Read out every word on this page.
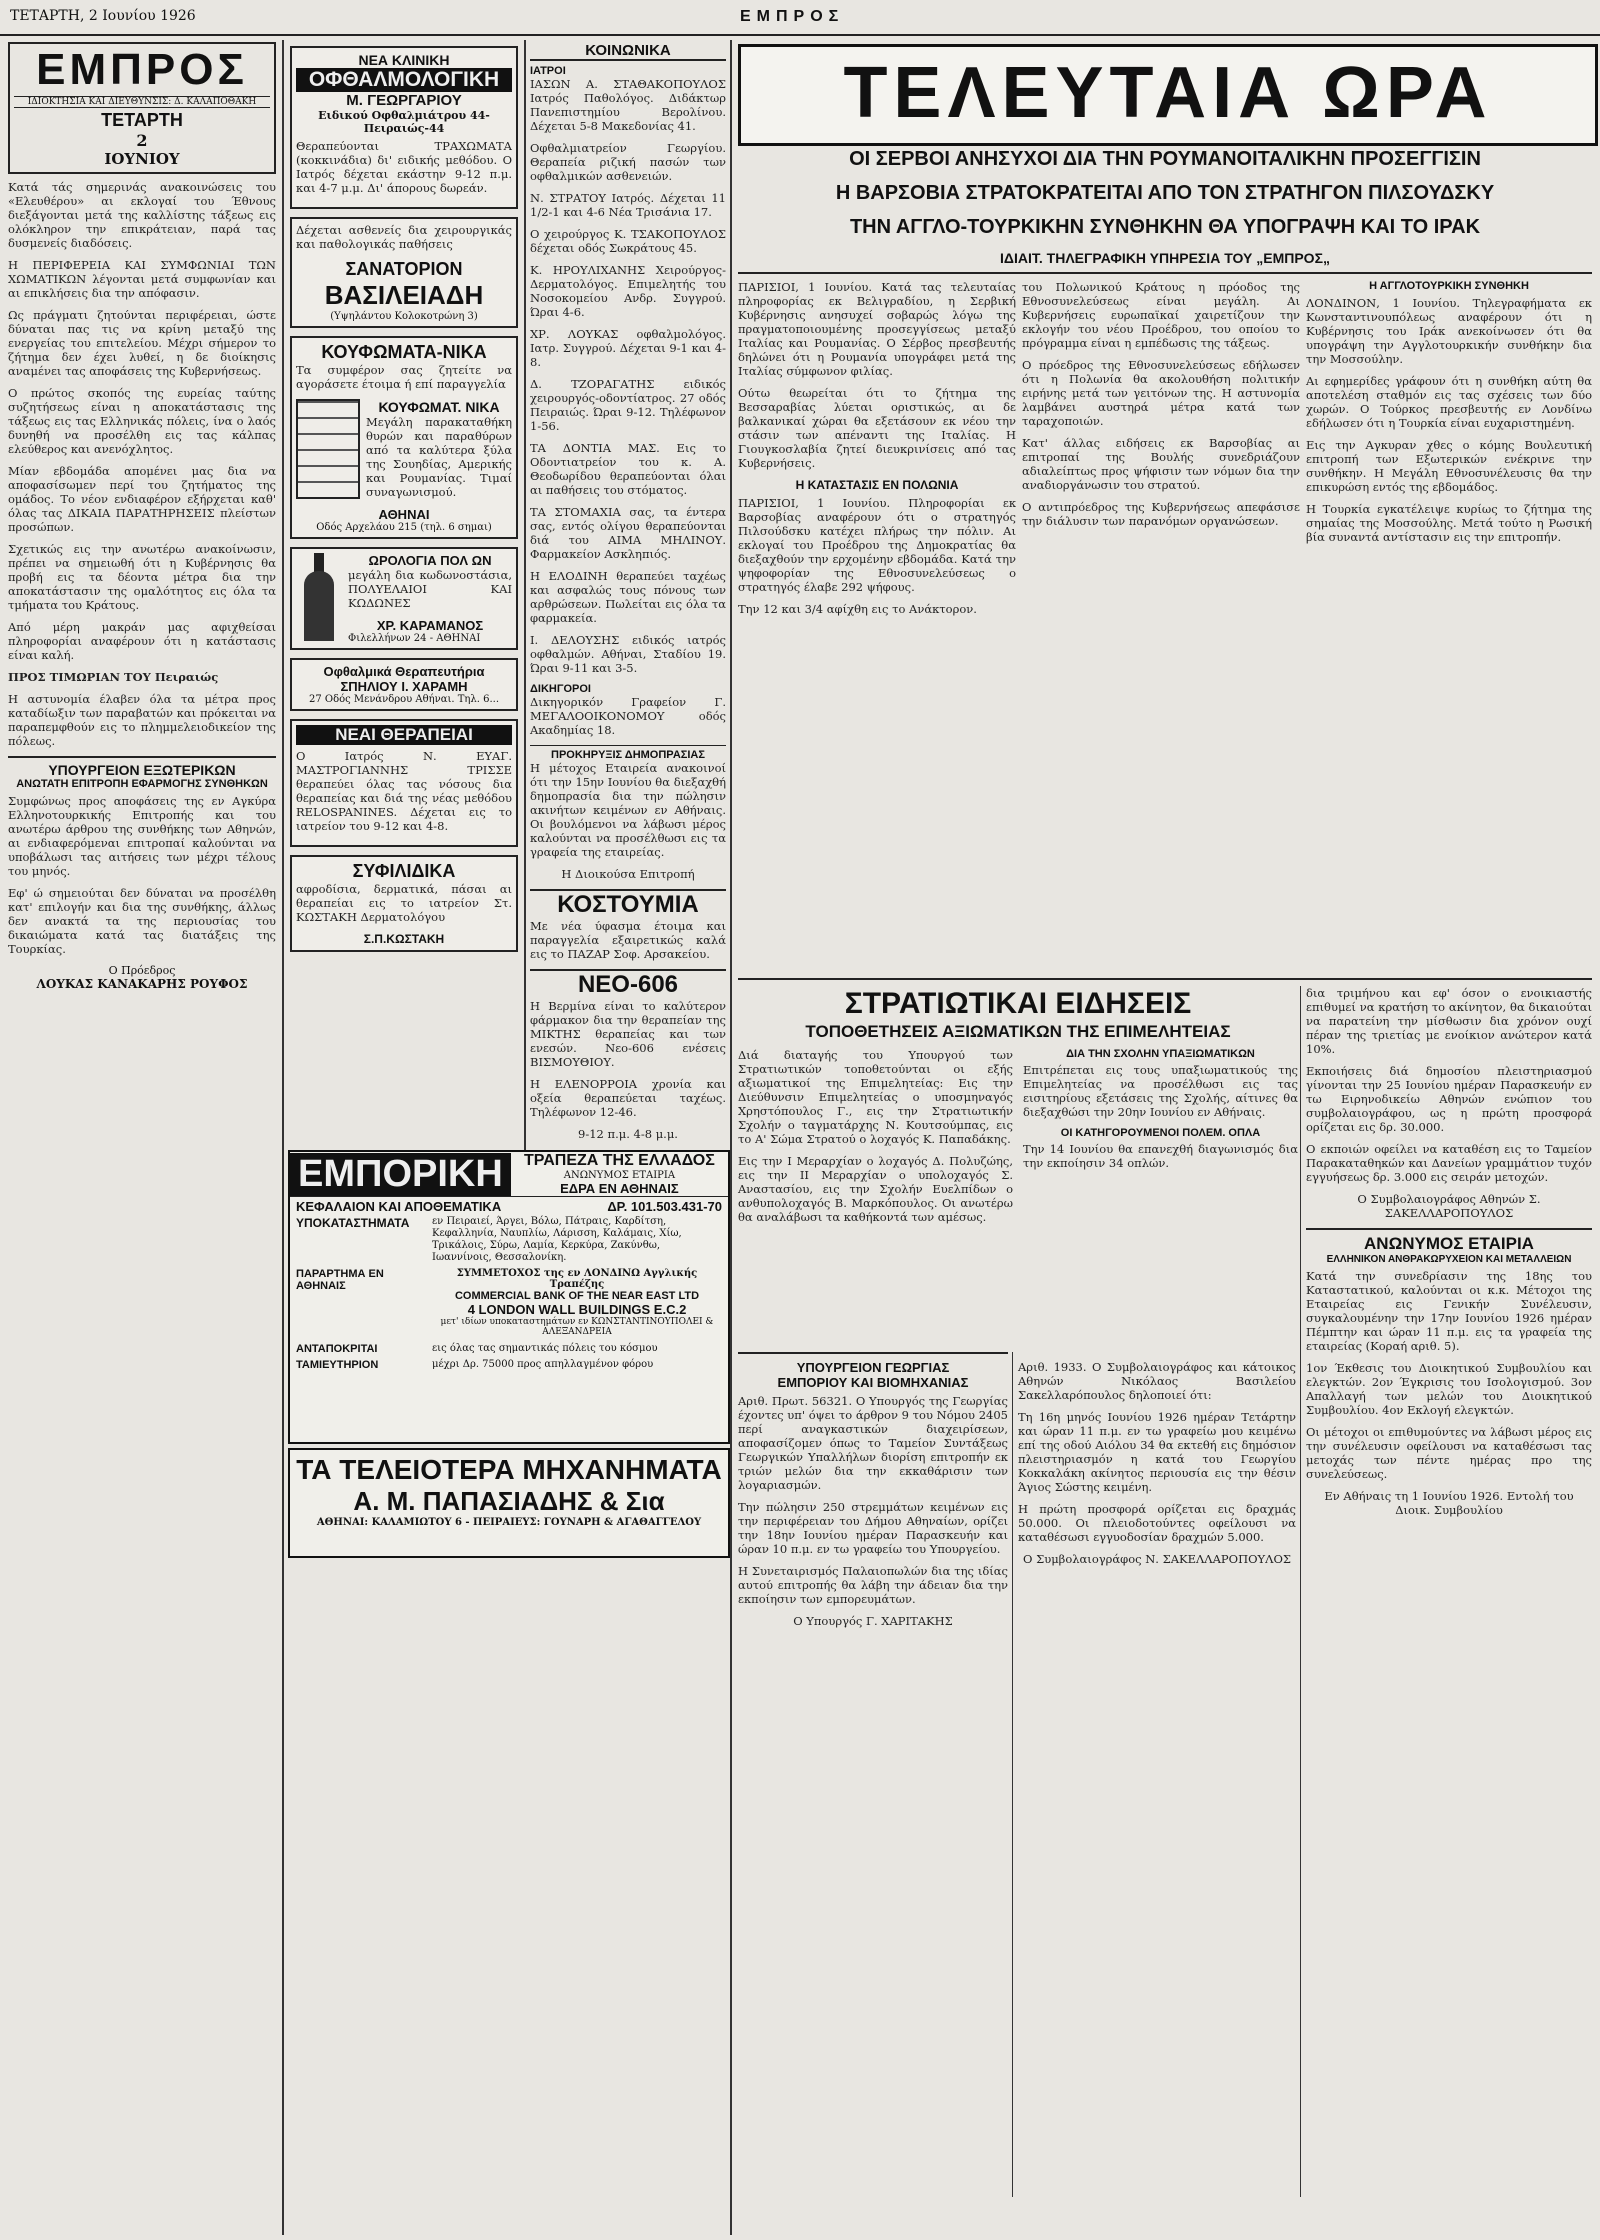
ΤΕΤΑΡΤΗ, 2 Ιουνίου 1926	ΕΜΠΡΟΣ
ΕΜΠΡΟΣ
ΙΔΙΟΚΤΗΣΙΑ ΚΑΙ ΔΙΕΥΘΥΝΣΙΣ: Δ. ΚΑΛΑΠΟΘΑΚΗ
ΤΕΤΑΡΤΗ
2
ΙΟΥΝΙΟΥ

Κατά τάς σημερινάς ανακοινώσεις του «Ελευθέρου» αι εκλογαί του Έθνους διεξάγονται μετά της καλλίστης τάξεως εις ολόκληρον την επικράτειαν, παρά τας δυσμενείς διαδόσεις.

Η ΠΕΡΙΦΕΡΕΙΑ ΚΑΙ ΣΥΜΦΩΝΙΑΙ ΤΩΝ ΧΩΜΑΤΙΚΩΝ λέγονται μετά συμφωνίαν και αι επικλήσεις δια την απόφασιν.

Ως πράγματι ζητούνται περιφέρειαι, ώστε δύναται πας τις να κρίνη μεταξύ της ενεργείας του επιτελείου. Μέχρι σήμερον το ζήτημα δεν έχει λυθεί, η δε διοίκησις αναμένει τας αποφάσεις της Κυβερνήσεως.

Ο πρώτος σκοπός της ευρείας ταύτης συζητήσεως είναι η αποκατάστασις της τάξεως εις τας Ελληνικάς πόλεις, ίνα ο λαός δυνηθή να προσέλθη εις τας κάλπας ελεύθερος και ανενόχλητος.

Μίαν εβδομάδα απομένει μας δια να αποφασίσωμεν περί του ζητήματος της ομάδος. Το νέον ενδιαφέρον εξήρχεται καθ' όλας τας ΔΙΚΑΙΑ ΠΑΡΑΤΗΡΗΣΕΙΣ πλείστων προσώπων.

Σχετικώς εις την ανωτέρω ανακοίνωσιν, πρέπει να σημειωθή ότι η Κυβέρνησις θα προβή εις τα δέοντα μέτρα δια την αποκατάστασιν της ομαλότητος εις όλα τα τμήματα του Κράτους.

Από μέρη μακράν μας αφιχθείσαι πληροφορίαι αναφέρουν ότι η κατάστασις είναι καλή.

ΠΡΟΣ ΤΙΜΩΡΙΑΝ ΤΟΥ Πειραιώς

Η αστυνομία έλαβεν όλα τα μέτρα προς καταδίωξιν των παραβατών και πρόκειται να παραπεμφθούν εις το πλημμελειοδικείον της πόλεως.

ΥΠΟΥΡΓΕΙΟΝ ΕΞΩΤΕΡΙΚΩΝ
ΑΝΩΤΑΤΗ ΕΠΙΤΡΟΠΗ ΕΦΑΡΜΟΓΗΣ ΣΥΝΘΗΚΩΝ

Συμφώνως προς αποφάσεις της εν Αγκύρα Ελληνοτουρκικής Επιτροπής και του ανωτέρω άρθρου της συνθήκης των Αθηνών, αι ενδιαφερόμεναι επιτροπαί καλούνται να υποβάλωσι τας αιτήσεις των μέχρι τέλους του μηνός.

Εφ' ώ σημειούται δεν δύναται να προσέλθη κατ' επιλογήν και δια της συνθήκης, άλλως δεν ανακτά τα της περιουσίας του δικαιώματα κατά τας διατάξεις της Τουρκίας.

Ο Πρόεδρος
ΛΟΥΚΑΣ ΚΑΝΑΚΑΡΗΣ ΡΟΥΦΟΣ
ΝΕΑ ΚΛΙΝΙΚΗ
ΟΦΘΑΛΜΟΛΟΓΙΚΗ
Μ. ΓΕΩΡΓΑΡΙΟΥ
Ειδικού Οφθαλμιάτρου 44-Πειραιώς-44

Θεραπεύονται ΤΡΑΧΩΜΑΤΑ (κοκκινάδια) δι' ειδικής μεθόδου. Ο Ιατρός δέχεται εκάστην 9-12 π.μ. και 4-7 μ.μ. Δι' άπορους δωρεάν.

Δέχεται ασθενείς δια χειρουργικάς και παθολογικάς παθήσεις

ΣΑΝΑΤΟΡΙΟΝ
ΒΑΣΙΛΕΙΑΔΗ
(Υψηλάντου Κολοκοτρώνη 3)
ΚΟΥΦΩΜΑΤΑ-ΝΙΚΑ

Τα συμφέρον σας ζητείτε να αγοράσετε έτοιμα ή επί παραγγελία

ΚΟΥΦΩΜΑΤ. ΝΙΚΑ

Μεγάλη παρακαταθήκη θυρών και παραθύρων από τα καλύτερα ξύλα της Σουηδίας, Αμερικής και Ρουμανίας. Τιμαί συναγωνισμού.

ΑΘΗΝΑΙ
Οδός Αρχελάου 215 (τηλ. 6 σημαι)
ΩΡΟΛΟΓΙΑ ΠΟΛ ΩΝ

μεγάλη δια κωδωνοστάσια, ΠΟΛΥΕΛΑΙΟΙ ΚΑΙ ΚΩΔΩΝΕΣ

ΧΡ. ΚΑΡΑΜΑΝΟΣ
Φιλελλήνων 24 - ΑΘΗΝΑΙ
Οφθαλμικά Θεραπευτήρια ΣΠΗΛΙΟΥ Ι. ΧΑΡΑΜΗ
27 Οδός Μενάνδρου Αθήναι. Τηλ. 6...
ΝΕΑΙ ΘΕΡΑΠΕΙΑΙ

Ο Ιατρός Ν. ΕΥΑΓ. ΜΑΣΤΡΟΓΙΑΝΝΗΣ ΤΡΙΣΣΕ θεραπεύει όλας τας νόσους δια θεραπείας και διά της νέας μεθόδου RELOSPANINES. Δέχεται εις το ιατρείον του 9-12 και 4-8.

ΣΥΦΙΛΙΔΙΚΑ

αφροδίσια, δερματικά, πάσαι αι θεραπείαι εις το ιατρείον Στ. ΚΩΣΤΑΚΗ Δερματολόγου

Σ.Π.ΚΩΣΤΑΚΗ
ΚΟΙΝΩΝΙΚΑ
ΙΑΤΡΟΙ

ΙΑΣΩΝ Α. ΣΤΑΘΑΚΟΠΟΥΛΟΣ Ιατρός Παθολόγος. Διδάκτωρ Πανεπιστημίου Βερολίνου. Δέχεται 5-8 Μακεδονίας 41.

Οφθαλμιατρείον Γεωργίου. Θεραπεία ριζική πασών των οφθαλμικών ασθενειών.

Ν. ΣΤΡΑΤΟΥ Ιατρός. Δέχεται 11 1/2-1 και 4-6 Νέα Τρισάνια 17.

Ο χειρούργος Κ. ΤΣΑΚΟΠΟΥΛΟΣ δέχεται οδός Σωκράτους 45.

Κ. ΗΡΟΥΛΙΧΑΝΗΣ Χειρούργος-Δερματολόγος. Επιμελητής του Νοσοκομείου Ανδρ. Συγγρού. Ώραι 4-6.

ΧΡ. ΛΟΥΚΑΣ οφθαλμολόγος. Ιατρ. Συγγρού. Δέχεται 9-1 και 4-8.

Δ. ΤΖΟΡΑΓΑΤΗΣ ειδικός χειρουργός-οδοντίατρος. 27 οδός Πειραιώς. Ώραι 9-12. Τηλέφωνον 1-56.

ΤΑ ΔΟΝΤΙΑ ΜΑΣ. Εις το Οδοντιατρείον του κ. Α. Θεοδωρίδου θεραπεύονται όλαι αι παθήσεις του στόματος.

ΤΑ ΣΤΟΜΑΧΙΑ σας, τα έντερα σας, εντός ολίγου θεραπεύονται διά του ΑΙΜΑ ΜΗΛΙΝΟΥ. Φαρμακείον Ασκληπιός.

Η ΕΛΟΔΙΝΗ θεραπεύει ταχέως και ασφαλώς τους πόνους των αρθρώσεων. Πωλείται εις όλα τα φαρμακεία.

Ι. ΔΕΛΟΥΣΗΣ ειδικός ιατρός οφθαλμών. Αθήναι, Σταδίου 19. Ώραι 9-11 και 3-5.

ΔΙΚΗΓΟΡΟΙ

Δικηγορικόν Γραφείον Γ. ΜΕΓΑΛΟΟΙΚΟΝΟΜΟΥ οδός Ακαδημίας 18.

ΠΡΟΚΗΡΥΞΙΣ ΔΗΜΟΠΡΑΣΙΑΣ

Η μέτοχος Εταιρεία ανακοινοί ότι την 15ην Ιουνίου θα διεξαχθή δημοπρασία δια την πώλησιν ακινήτων κειμένων εν Αθήναις. Οι βουλόμενοι να λάβωσι μέρος καλούνται να προσέλθωσι εις τα γραφεία της εταιρείας.

Η Διοικούσα Επιτροπή

ΚΟΣΤΟΥΜΙΑ

Με νέα ύφασμα έτοιμα και παραγγελία εξαιρετικώς καλά εις το ΠΑΖΑΡ Σοφ. Αρσακείου.

ΝΕΟ-606

Η Βερμίνα είναι το καλύτερον φάρμακον δια την θεραπείαν της ΜΙΚΤΗΣ θεραπείας και των ενεσών. Νεο-606 ενέσεις ΒΙΣΜΟΥΘΙΟΥ.

Η ΕΛΕΝΟΡΡΟΙΑ χρονία και οξεία θεραπεύεται ταχέως. Τηλέφωνον 12-46.

9-12 π.μ. 4-8 μ.μ.

ΕΜΠΟΡΙΚΗ	ΤΡΑΠΕΖΑ ΤΗΣ ΕΛΛΑΔΟΣ
ΑΝΩΝΥΜΟΣ ΕΤΑΙΡΙΑ
ΕΔΡΑ ΕΝ ΑΘΗΝΑΙΣ
ΚΕΦΑΛΑΙΟΝ ΚΑΙ ΑΠΟΘΕΜΑΤΙΚΑ	ΔΡ. 101.503.431-70
ΥΠΟΚΑΤΑΣΤΗΜΑΤΑ	εν Πειραιεί, Άργει, Βόλω, Πάτραις, Καρδίτση, Κεφαλληνία, Ναυπλίω, Λάρισση, Καλάμαις, Χίω, Τρικάλοις, Σύρω, Λαμία, Κερκύρα, Ζακύνθω, Ιωαννίνοις, Θεσσαλονίκη.
ΠΑΡΑΡΤΗΜΑ ΕΝ ΑΘΗΝΑΙΣ
ΣΥΜΜΕΤΟΧΟΣ της εν ΛΟΝΔΙΝΩ Αγγλικής Τραπέζης
COMMERCIAL BANK OF THE NEAR EAST LTD
4 LONDON WALL BUILDINGS E.C.2
μετ' ιδίων υποκαταστημάτων εν ΚΩΝΣΤΑΝΤΙΝΟΥΠΟΛΕΙ & ΑΛΕΞΑΝΔΡΕΙΑ
ΑΝΤΑΠΟΚΡΙΤΑΙ	εις όλας τας σημαντικάς πόλεις του κόσμου
ΤΑΜΙΕΥΤΗΡΙΟΝ	μέχρι Δρ. 75000 προς απηλλαγμένον φόρου
ΤΑ ΤΕΛΕΙΟΤΕΡΑ ΜΗΧΑΝΗΜΑΤΑ
Α. Μ. ΠΑΠΑΣΙΑΔΗΣ & Σια
ΑΘΗΝΑΙ: ΚΑΛΑΜΙΩΤΟΥ 6 - ΠΕΙΡΑΙΕΥΣ: ΓΟΥΝΑΡΗ & ΑΓΑΘΑΓΓΕΛΟΥ
ΤΕΛΕΥΤΑΙΑ ΩΡΑ
ΟΙ ΣΕΡΒΟΙ ΑΝΗΣΥΧΟΙ ΔΙΑ ΤΗΝ ΡΟΥΜΑΝΟΙΤΑΛΙΚΗΝ ΠΡΟΣΕΓΓΙΣΙΝ
Η ΒΑΡΣΟΒΙΑ ΣΤΡΑΤΟΚΡΑΤΕΙΤΑΙ ΑΠΟ ΤΟΝ ΣΤΡΑΤΗΓΟΝ ΠΙΛΣΟΥΔΣΚΥ
ΤΗΝ ΑΓΓΛΟ-ΤΟΥΡΚΙΚΗΝ ΣΥΝΘΗΚΗΝ ΘΑ ΥΠΟΓΡΑΨΗ ΚΑΙ ΤΟ ΙΡΑΚ
ΙΔΙΑΙΤ. ΤΗΛΕΓΡΑΦΙΚΗ ΥΠΗΡΕΣΙΑ ΤΟΥ „ΕΜΠΡΟΣ„

ΠΑΡΙΣΙΟΙ, 1 Ιουνίου. Κατά τας τελευταίας πληροφορίας εκ Βελιγραδίου, η Σερβική Κυβέρνησις ανησυχεί σοβαρώς λόγω της πραγματοποιουμένης προσεγγίσεως μεταξύ Ιταλίας και Ρουμανίας. Ο Σέρβος πρεσβευτής δηλώνει ότι η Ρουμανία υπογράφει μετά της Ιταλίας σύμφωνον φιλίας.

Ούτω θεωρείται ότι το ζήτημα της Βεσσαραβίας λύεται οριστικώς, αι δε βαλκανικαί χώραι θα εξετάσουν εκ νέου την στάσιν των απέναντι της Ιταλίας. Η Γιουγκοσλαβία ζητεί διευκρινίσεις από τας Κυβερνήσεις.

Η ΚΑΤΑΣΤΑΣΙΣ ΕΝ ΠΟΛΩΝΙΑ

ΠΑΡΙΣΙΟΙ, 1 Ιουνίου. Πληροφορίαι εκ Βαρσοβίας αναφέρουν ότι ο στρατηγός Πιλσούδσκυ κατέχει πλήρως την πόλιν. Αι εκλογαί του Προέδρου της Δημοκρατίας θα διεξαχθούν την ερχομένην εβδομάδα. Κατά την ψηφοφορίαν της Εθνοσυνελεύσεως ο στρατηγός έλαβε 292 ψήφους.

Την 12 και 3/4 αφίχθη εις το Ανάκτορον.

του Πολωνικού Κράτους η πρόοδος της Εθνοσυνελεύσεως είναι μεγάλη. Αι Κυβερνήσεις ευρωπαϊκαί χαιρετίζουν την εκλογήν του νέου Προέδρου, του οποίου το πρόγραμμα είναι η εμπέδωσις της τάξεως.

Ο πρόεδρος της Εθνοσυνελεύσεως εδήλωσεν ότι η Πολωνία θα ακολουθήση πολιτικήν ειρήνης μετά των γειτόνων της. Η αστυνομία λαμβάνει αυστηρά μέτρα κατά των ταραχοποιών.

Κατ' άλλας ειδήσεις εκ Βαρσοβίας αι επιτροπαί της Βουλής συνεδριάζουν αδιαλείπτως προς ψήφισιν των νόμων δια την αναδιοργάνωσιν του στρατού.

Ο αντιπρόεδρος της Κυβερνήσεως απεφάσισε την διάλυσιν των παρανόμων οργανώσεων.

Η ΑΓΓΛΟΤΟΥΡΚΙΚΗ ΣΥΝΘΗΚΗ

ΛΟΝΔΙΝΟΝ, 1 Ιουνίου. Τηλεγραφήματα εκ Κωνσταντινουπόλεως αναφέρουν ότι η Κυβέρνησις του Ιράκ ανεκοίνωσεν ότι θα υπογράψη την Αγγλοτουρκικήν συνθήκην δια την Μοσσούλην.

Αι εφημερίδες γράφουν ότι η συνθήκη αύτη θα αποτελέση σταθμόν εις τας σχέσεις των δύο χωρών. Ο Τούρκος πρεσβευτής εν Λονδίνω εδήλωσεν ότι η Τουρκία είναι ευχαριστημένη.

Εις την Αγκυραν χθες ο κόμης Βουλευτική επιτροπή των Εξωτερικών ενέκρινε την συνθήκην. Η Μεγάλη Εθνοσυνέλευσις θα την επικυρώση εντός της εβδομάδος.

Η Τουρκία εγκατέλειψε κυρίως το ζήτημα της σημαίας της Μοσσούλης. Μετά τούτο η Ρωσική βία συναντά αντίστασιν εις την επιτροπήν.

ΣΤΡΑΤΙΩΤΙΚΑΙ ΕΙΔΗΣΕΙΣ
ΤΟΠΟΘΕΤΗΣΕΙΣ ΑΞΙΩΜΑΤΙΚΩΝ ΤΗΣ ΕΠΙΜΕΛΗΤΕΙΑΣ

Διά διαταγής του Υπουργού των Στρατιωτικών τοποθετούνται οι εξής αξιωματικοί της Επιμελητείας: Εις την Διεύθυνσιν Επιμελητείας ο υποσμηναγός Χρηστόπουλος Γ., εις την Στρατιωτικήν Σχολήν ο ταγματάρχης Ν. Κουτσούμπας, εις το Α' Σώμα Στρατού ο λοχαγός Κ. Παπαδάκης.

Εις την Ι Μεραρχίαν ο λοχαγός Δ. Πολυζώης, εις την ΙΙ Μεραρχίαν ο υπολοχαγός Σ. Αναστασίου, εις την Σχολήν Ευελπίδων ο ανθυπολοχαγός Β. Μαρκόπουλος. Οι ανωτέρω θα αναλάβωσι τα καθήκοντά των αμέσως.

ΔΙΑ ΤΗΝ ΣΧΟΛΗΝ ΥΠΑΞΙΩΜΑΤΙΚΩΝ

Επιτρέπεται εις τους υπαξιωματικούς της Επιμελητείας να προσέλθωσι εις τας εισιτηρίους εξετάσεις της Σχολής, αίτινες θα διεξαχθώσι την 20ην Ιουνίου εν Αθήναις.

ΟΙ ΚΑΤΗΓΟΡΟΥΜΕΝΟΙ ΠΟΛΕΜ. ΟΠΛΑ

Την 14 Ιουνίου θα επανεχθή διαγωνισμός δια την εκποίησιν 34 οπλών.

ΥΠΟΥΡΓΕΙΟΝ ΓΕΩΡΓΙΑΣ
ΕΜΠΟΡΙΟΥ ΚΑΙ ΒΙΟΜΗΧΑΝΙΑΣ

Αριθ. Πρωτ. 56321. Ο Υπουργός της Γεωργίας έχοντες υπ' όψει το άρθρον 9 του Νόμου 2405 περί αναγκαστικών διαχειρίσεων, αποφασίζομεν όπως το Ταμείον Συντάξεως Γεωργικών Υπαλλήλων διορίση επιτροπήν εκ τριών μελών δια την εκκαθάρισιν των λογαριασμών.

Την πώλησιν 250 στρεμμάτων κειμένων εις την περιφέρειαν του Δήμου Αθηναίων, ορίζει την 18ην Ιουνίου ημέραν Παρασκευήν και ώραν 10 π.μ. εν τω γραφείω του Υπουργείου.

Η Συνεταιρισμός Παλαιοπωλών δια της ιδίας αυτού επιτροπής θα λάβη την άδειαν δια την εκποίησιν των εμπορευμάτων.

Ο Υπουργός Γ. ΧΑΡΙΤΑΚΗΣ

Αριθ. 1933. Ο Συμβολαιογράφος και κάτοικος Αθηνών Νικόλαος Βασιλείου Σακελλαρόπουλος δηλοποιεί ότι:

Τη 16η μηνός Ιουνίου 1926 ημέραν Τετάρτην και ώραν 11 π.μ. εν τω γραφείω μου κειμένω επί της οδού Αιόλου 34 θα εκτεθή εις δημόσιον πλειστηριασμόν η κατά του Γεωργίου Κοκκαλάκη ακίνητος περιουσία εις την θέσιν Άγιος Σώστης κειμένη.

Η πρώτη προσφορά ορίζεται εις δραχμάς 50.000. Οι πλειοδοτούντες οφείλουσι να καταθέσωσι εγγυοδοσίαν δραχμών 5.000.

Ο Συμβολαιογράφος Ν. ΣΑΚΕΛΛΑΡΟΠΟΥΛΟΣ

δια τριμήνου και εφ' όσον ο ενοικιαστής επιθυμεί να κρατήση το ακίνητον, θα δικαιούται να παρατείνη την μίσθωσιν δια χρόνον ουχί πέραν της τριετίας με ενοίκιον ανώτερον κατά 10%.

Εκποιήσεις διά δημοσίου πλειστηριασμού γίνονται την 25 Ιουνίου ημέραν Παρασκευήν εν τω Ειρηνοδικείω Αθηνών ενώπιον του συμβολαιογράφου, ως η πρώτη προσφορά ορίζεται εις δρ. 30.000.

Ο εκποιών οφείλει να καταθέση εις το Ταμείον Παρακαταθηκών και Δανείων γραμμάτιον τυχόν εγγυήσεως δρ. 3.000 εις σειράν μετοχών.

Ο Συμβολαιογράφος Αθηνών Σ. ΣΑΚΕΛΛΑΡΟΠΟΥΛΟΣ

ΑΝΩΝΥΜΟΣ ΕΤΑΙΡΙΑ
ΕΛΛΗΝΙΚΟΝ ΑΝΘΡΑΚΩΡΥΧΕΙΟΝ ΚΑΙ ΜΕΤΑΛΛΕΙΩΝ

Κατά την συνεδρίασιν της 18ης του Καταστατικού, καλούνται οι κ.κ. Μέτοχοι της Εταιρείας εις Γενικήν Συνέλευσιν, συγκαλουμένην την 17ην Ιουνίου 1926 ημέραν Πέμπτην και ώραν 11 π.μ. εις τα γραφεία της εταιρείας (Κοραή αριθ. 5).

1ον Έκθεσις του Διοικητικού Συμβουλίου και ελεγκτών. 2ον Έγκρισις του Ισολογισμού. 3ον Απαλλαγή των μελών του Διοικητικού Συμβουλίου. 4ον Εκλογή ελεγκτών.

Οι μέτοχοι οι επιθυμούντες να λάβωσι μέρος εις την συνέλευσιν οφείλουσι να καταθέσωσι τας μετοχάς των πέντε ημέρας προ της συνελεύσεως.

Εν Αθήναις τη 1 Ιουνίου 1926. Εντολή του Διοικ. Συμβουλίου
